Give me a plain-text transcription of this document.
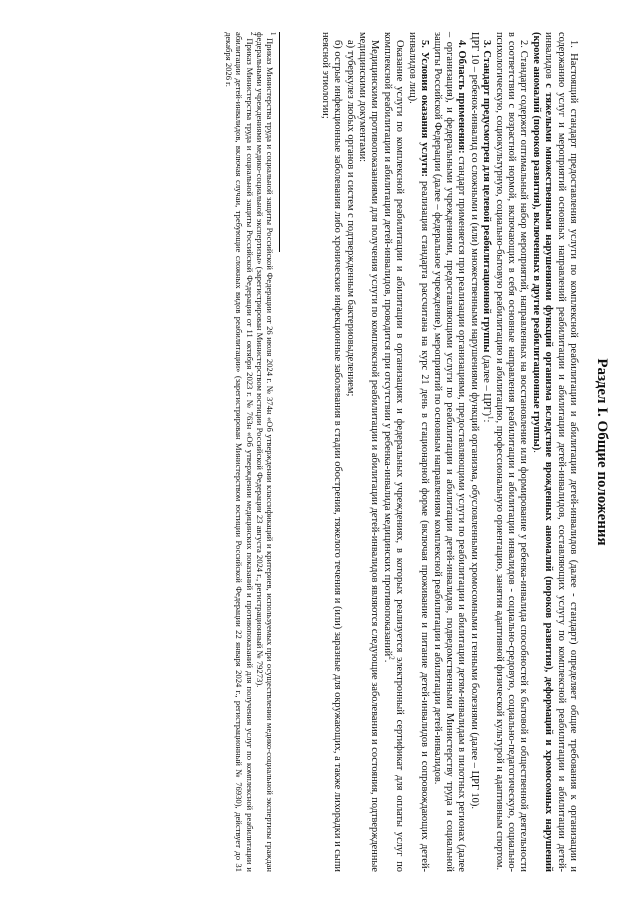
Раздел I. Общие положения

1. Настоящий стандарт предоставления услуги по комплексной реабилитации и абилитации детей-инвалидов (далее - стандарт) определяет общие требования к организации и содержанию услуг и мероприятий основных направлений реабилитации и абилитации детей-инвалидов, составляющих услугу по комплексной реабилитации и абилитации детей-инвалидов с тяжелыми множественными нарушениями функций организма вследствие врожденных аномалий (пороков развития), деформаций и хромосомных нарушений (кроме аномалий (пороков развития), включенных в другие реабилитационные группы).

2. Стандарт содержит оптимальный набор мероприятий, направленных на восстановление или формирование у ребенка-инвалида способностей к бытовой и общественной деятельности в соответствии с возрастной нормой, включающих в себя основные направления реабилитации и абилитации инвалидов - социально-средовую, социально-педагогическую, социально-психологическую, социокультурную, социально-бытовую реабилитацию и абилитацию, профессиональную ориентацию, занятия адаптивной физической культурой и адаптивным спортом.

3. Стандарт предусмотрен для целевой реабилитационной группы (далее – ЦРГ)$^1$:

ЦРГ 10 – ребенок-инвалид со сложными и (или) множественными нарушениями функций организма, обусловленными хромосомными и генными болезнями (далее – ЦРГ 10).

4. Область применения: стандарт применяется при реализации организациями, предоставляющими услуги по реабилитации и абилитации детям-инвалидам в пилотных регионах (далее – организация), и федеральными учреждениями, предоставляющими услуги по реабилитации и абилитации детей-инвалидов, подведомственными Министерству труда и социальной защиты Российской Федерации (далее – федеральное учреждение), мероприятий по основным направлениям комплексной реабилитации и абилитации детей-инвалидов.

5. Условия оказания услуги: реализация стандарта рассчитана на курс 21 день в стационарной форме (включая проживание и питание детей-инвалидов и сопровождающих детей-инвалидов лиц).

Оказание услуги по комплексной реабилитации и абилитации в организациях и федеральных учреждениях, в которых реализуется электронный сертификат для оплаты услуг по комплексной реабилитации и абилитации детей-инвалидов, проводится при отсутствии у ребенка-инвалида медицинских противопоказаний$^2$.

Медицинскими противопоказаниями для получения услуги по комплексной реабилитации и абилитации детей-инвалидов являются следующие заболевания и состояния, подтвержденные медицинскими документами:

а) туберкулез любых органов и систем с подтвержденным бактериовыделением;

б) острые инфекционные заболевания либо хронические инфекционные заболевания в стадии обострения, тяжелого течения и (или) заразные для окружающих, а также лихорадки и сыпи неясной этиологии;

$^1$ Приказ Министерства труда и социальной защиты Российской Федерации от 26 июля 2024 г. № 374н «Об утверждении классификаций и критериев, используемых при осуществлении медико-социальной экспертизы граждан федеральными учреждениями медико-социальной экспертизы» (зарегистрирован Министерством юстиции Российской Федерации 23 августа 2024 г., регистрационный № 79273).

$^2$ Приказ Министерства труда и социальной защиты Российской Федерации от 11 октября 2023 г. № 763н «Об утверждении медицинских показаний и противопоказаний для получения услуг по комплексной реабилитации и абилитации детей-инвалидов, включая случаи, требующие сложных видов реабилитации» (зарегистрирован Министерством юстиции Российской Федерации 22 января 2024 г., регистрационный № 76930), действует до 31 декабря 2026 г.
